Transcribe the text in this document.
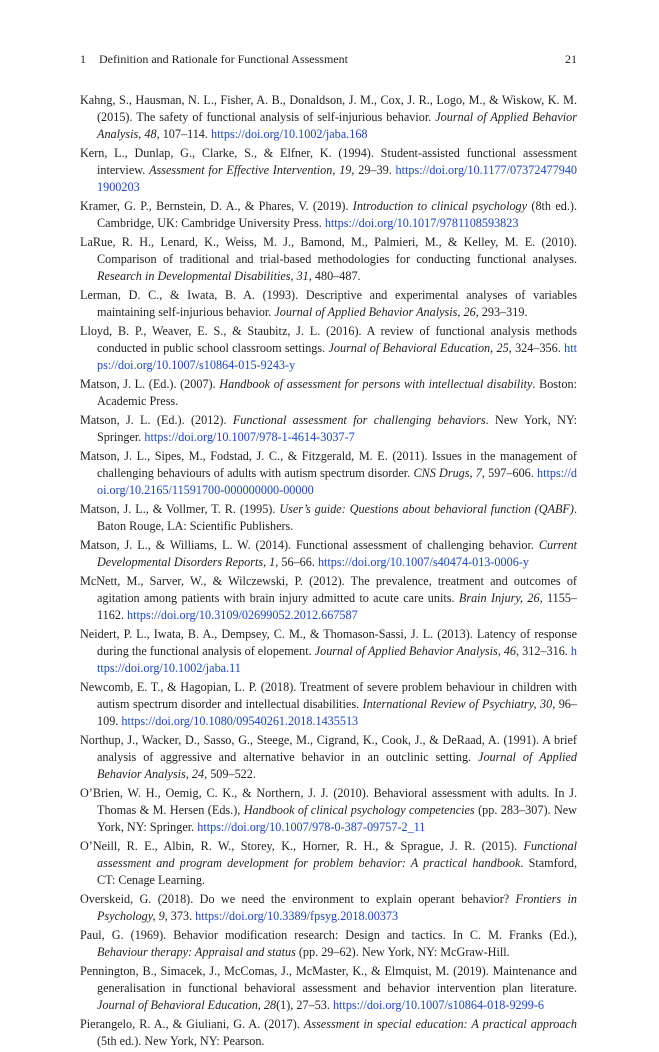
1 Definition and Rationale for Functional Assessment	21

Kahng, S., Hausman, N. L., Fisher, A. B., Donaldson, J. M., Cox, J. R., Logo, M., & Wiskow, K. M. (2015). The safety of functional analysis of self-injurious behavior. Journal of Applied Behavior Analysis, 48, 107–114. https://doi.org/10.1002/jaba.168

Kern, L., Dunlap, G., Clarke, S., & Elfner, K. (1994). Student-assisted functional assessment interview. Assessment for Effective Intervention, 19, 29–39. https://doi.org/10.1177/073724779401900203

Kramer, G. P., Bernstein, D. A., & Phares, V. (2019). Introduction to clinical psychology (8th ed.). Cambridge, UK: Cambridge University Press. https://doi.org/10.1017/9781108593823

LaRue, R. H., Lenard, K., Weiss, M. J., Bamond, M., Palmieri, M., & Kelley, M. E. (2010). Comparison of traditional and trial-based methodologies for conducting functional analyses. Research in Developmental Disabilities, 31, 480–487.

Lerman, D. C., & Iwata, B. A. (1993). Descriptive and experimental analyses of variables maintaining self-injurious behavior. Journal of Applied Behavior Analysis, 26, 293–319.

Lloyd, B. P., Weaver, E. S., & Staubitz, J. L. (2016). A review of functional analysis methods conducted in public school classroom settings. Journal of Behavioral Education, 25, 324–356. https://doi.org/10.1007/s10864-015-9243-y

Matson, J. L. (Ed.). (2007). Handbook of assessment for persons with intellectual disability. Boston: Academic Press.

Matson, J. L. (Ed.). (2012). Functional assessment for challenging behaviors. New York, NY: Springer. https://doi.org/10.1007/978-1-4614-3037-7

Matson, J. L., Sipes, M., Fodstad, J. C., & Fitzgerald, M. E. (2011). Issues in the management of challenging behaviours of adults with autism spectrum disorder. CNS Drugs, 7, 597–606. https://doi.org/10.2165/11591700-000000000-00000

Matson, J. L., & Vollmer, T. R. (1995). User’s guide: Questions about behavioral function (QABF). Baton Rouge, LA: Scientific Publishers.

Matson, J. L., & Williams, L. W. (2014). Functional assessment of challenging behavior. Current Developmental Disorders Reports, 1, 56–66. https://doi.org/10.1007/s40474-013-0006-y

McNett, M., Sarver, W., & Wilczewski, P. (2012). The prevalence, treatment and outcomes of agitation among patients with brain injury admitted to acute care units. Brain Injury, 26, 1155–1162. https://doi.org/10.3109/02699052.2012.667587

Neidert, P. L., Iwata, B. A., Dempsey, C. M., & Thomason-Sassi, J. L. (2013). Latency of response during the functional analysis of elopement. Journal of Applied Behavior Analysis, 46, 312–316. https://doi.org/10.1002/jaba.11

Newcomb, E. T., & Hagopian, L. P. (2018). Treatment of severe problem behaviour in children with autism spectrum disorder and intellectual disabilities. International Review of Psychiatry, 30, 96–109. https://doi.org/10.1080/09540261.2018.1435513

Northup, J., Wacker, D., Sasso, G., Steege, M., Cigrand, K., Cook, J., & DeRaad, A. (1991). A brief analysis of aggressive and alternative behavior in an outclinic setting. Journal of Applied Behavior Analysis, 24, 509–522.

O’Brien, W. H., Oemig, C. K., & Northern, J. J. (2010). Behavioral assessment with adults. In J. Thomas & M. Hersen (Eds.), Handbook of clinical psychology competencies (pp. 283–307). New York, NY: Springer. https://doi.org/10.1007/978-0-387-09757-2_11

O’Neill, R. E., Albin, R. W., Storey, K., Horner, R. H., & Sprague, J. R. (2015). Functional assessment and program development for problem behavior: A practical handbook. Stamford, CT: Cenage Learning.

Overskeid, G. (2018). Do we need the environment to explain operant behavior? Frontiers in Psychology, 9, 373. https://doi.org/10.3389/fpsyg.2018.00373

Paul, G. (1969). Behavior modification research: Design and tactics. In C. M. Franks (Ed.), Behaviour therapy: Appraisal and status (pp. 29–62). New York, NY: McGraw-Hill.

Pennington, B., Simacek, J., McComas, J., McMaster, K., & Elmquist, M. (2019). Maintenance and generalisation in functional behavioral assessment and behavior intervention plan literature. Journal of Behavioral Education, 28(1), 27–53. https://doi.org/10.1007/s10864-018-9299-6

Pierangelo, R. A., & Giuliani, G. A. (2017). Assessment in special education: A practical approach (5th ed.). New York, NY: Pearson.
